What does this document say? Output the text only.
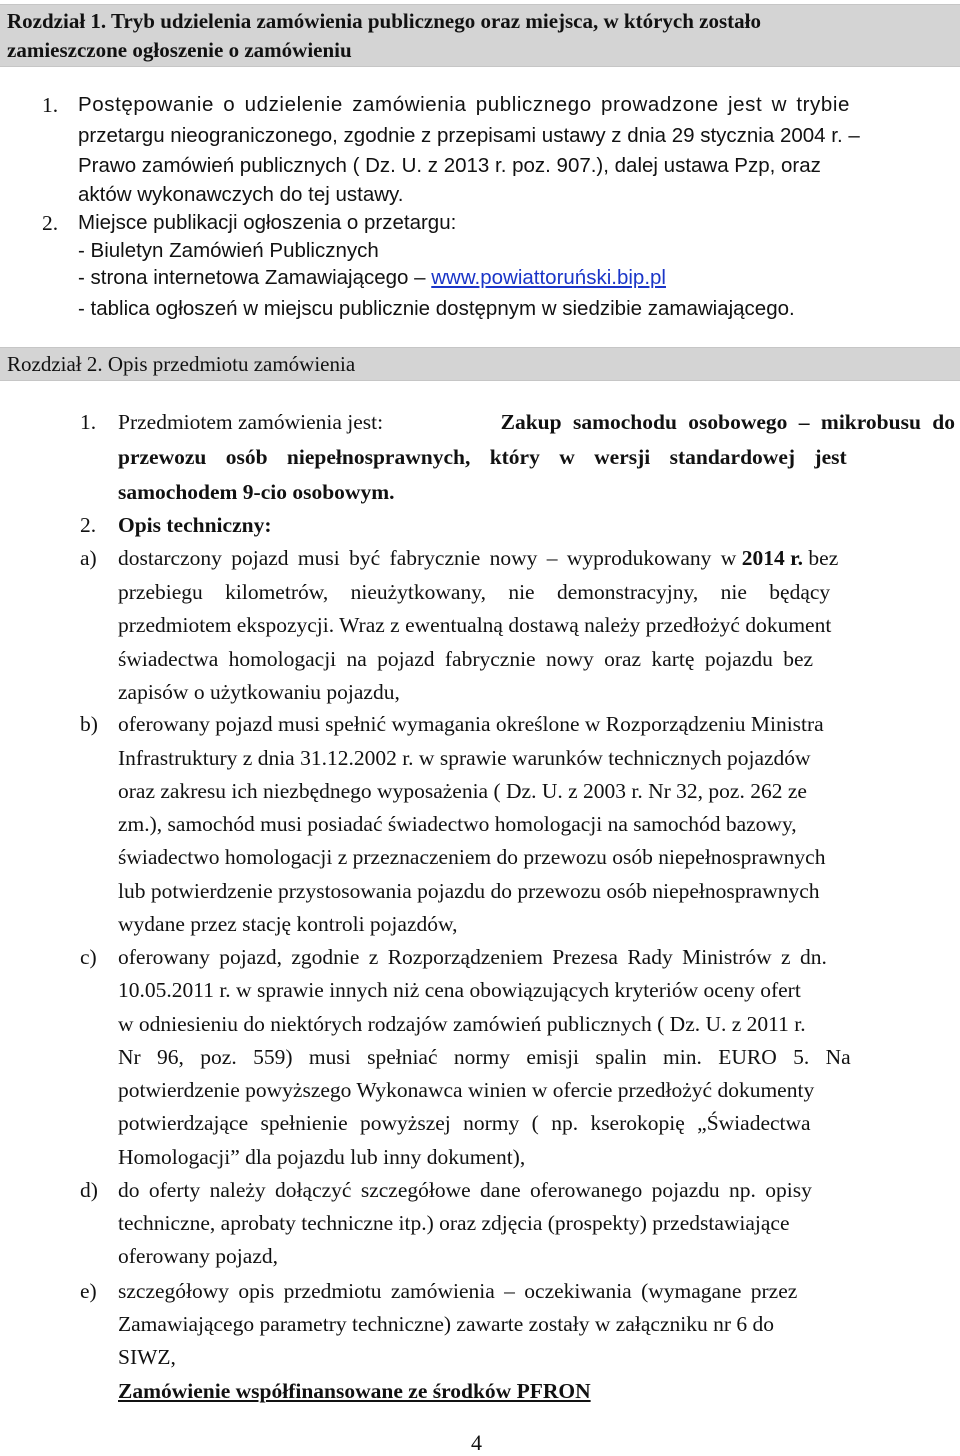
Rozdział 1. Tryb udzielenia zamówienia publicznego oraz miejsca, w których zostało
zamieszczone ogłoszenie o zamówieniu
1. Postępowanie o udzielenie zamówienia publicznego prowadzone jest w trybie
przetargu nieograniczonego, zgodnie z przepisami ustawy z dnia 29 stycznia 2004 r. –
Prawo zamówień publicznych ( Dz. U. z 2013 r. poz. 907.), dalej ustawa Pzp, oraz
aktów wykonawczych do tej ustawy.
2. Miejsce publikacji ogłoszenia o przetargu:
- Biuletyn Zamówień Publicznych
- strona internetowa Zamawiającego – www.powiattoruński.bip.pl
- tablica ogłoszeń w miejscu publicznie dostępnym w siedzibie zamawiającego.
Rozdział 2. Opis przedmiotu zamówienia
1. Przedmiotem zamówienia jest:	Zakup samochodu osobowego – mikrobusu do
przewozu osób niepełnosprawnych, który w wersji standardowej jest
samochodem 9-cio osobowym.
2. Opis techniczny:
a) dostarczony pojazd musi być fabrycznie nowy – wyprodukowany w 2014 r. bez
przebiegu kilometrów, nieużytkowany, nie demonstracyjny, nie będący
przedmiotem ekspozycji. Wraz z ewentualną dostawą należy przedłożyć dokument
świadectwa homologacji na pojazd fabrycznie nowy oraz kartę pojazdu bez
zapisów o użytkowaniu pojazdu,
b) oferowany pojazd musi spełnić wymagania określone w Rozporządzeniu Ministra
Infrastruktury z dnia 31.12.2002 r. w sprawie warunków technicznych pojazdów
oraz zakresu ich niezbędnego wyposażenia ( Dz. U. z 2003 r. Nr 32, poz. 262 ze
zm.), samochód musi posiadać świadectwo homologacji na samochód bazowy,
świadectwo homologacji z przeznaczeniem do przewozu osób niepełnosprawnych
lub potwierdzenie przystosowania pojazdu do przewozu osób niepełnosprawnych
wydane przez stację kontroli pojazdów,
c) oferowany pojazd, zgodnie z Rozporządzeniem Prezesa Rady Ministrów z dn.
10.05.2011 r. w sprawie innych niż cena obowiązujących kryteriów oceny ofert
w odniesieniu do niektórych rodzajów zamówień publicznych ( Dz. U. z 2011 r.
Nr 96, poz. 559) musi spełniać normy emisji spalin min. EURO 5. Na
potwierdzenie powyższego Wykonawca winien w ofercie przedłożyć dokumenty
potwierdzające spełnienie powyższej normy ( np. kserokopię „Świadectwa
Homologacji” dla pojazdu lub inny dokument),
d) do oferty należy dołączyć szczegółowe dane oferowanego pojazdu np. opisy
techniczne, aprobaty techniczne itp.) oraz zdjęcia (prospekty) przedstawiające
oferowany pojazd,
e) szczegółowy opis przedmiotu zamówienia – oczekiwania (wymagane przez
Zamawiającego parametry techniczne) zawarte zostały w załączniku nr 6 do
SIWZ,
Zamówienie współfinansowane ze środków PFRON
4
